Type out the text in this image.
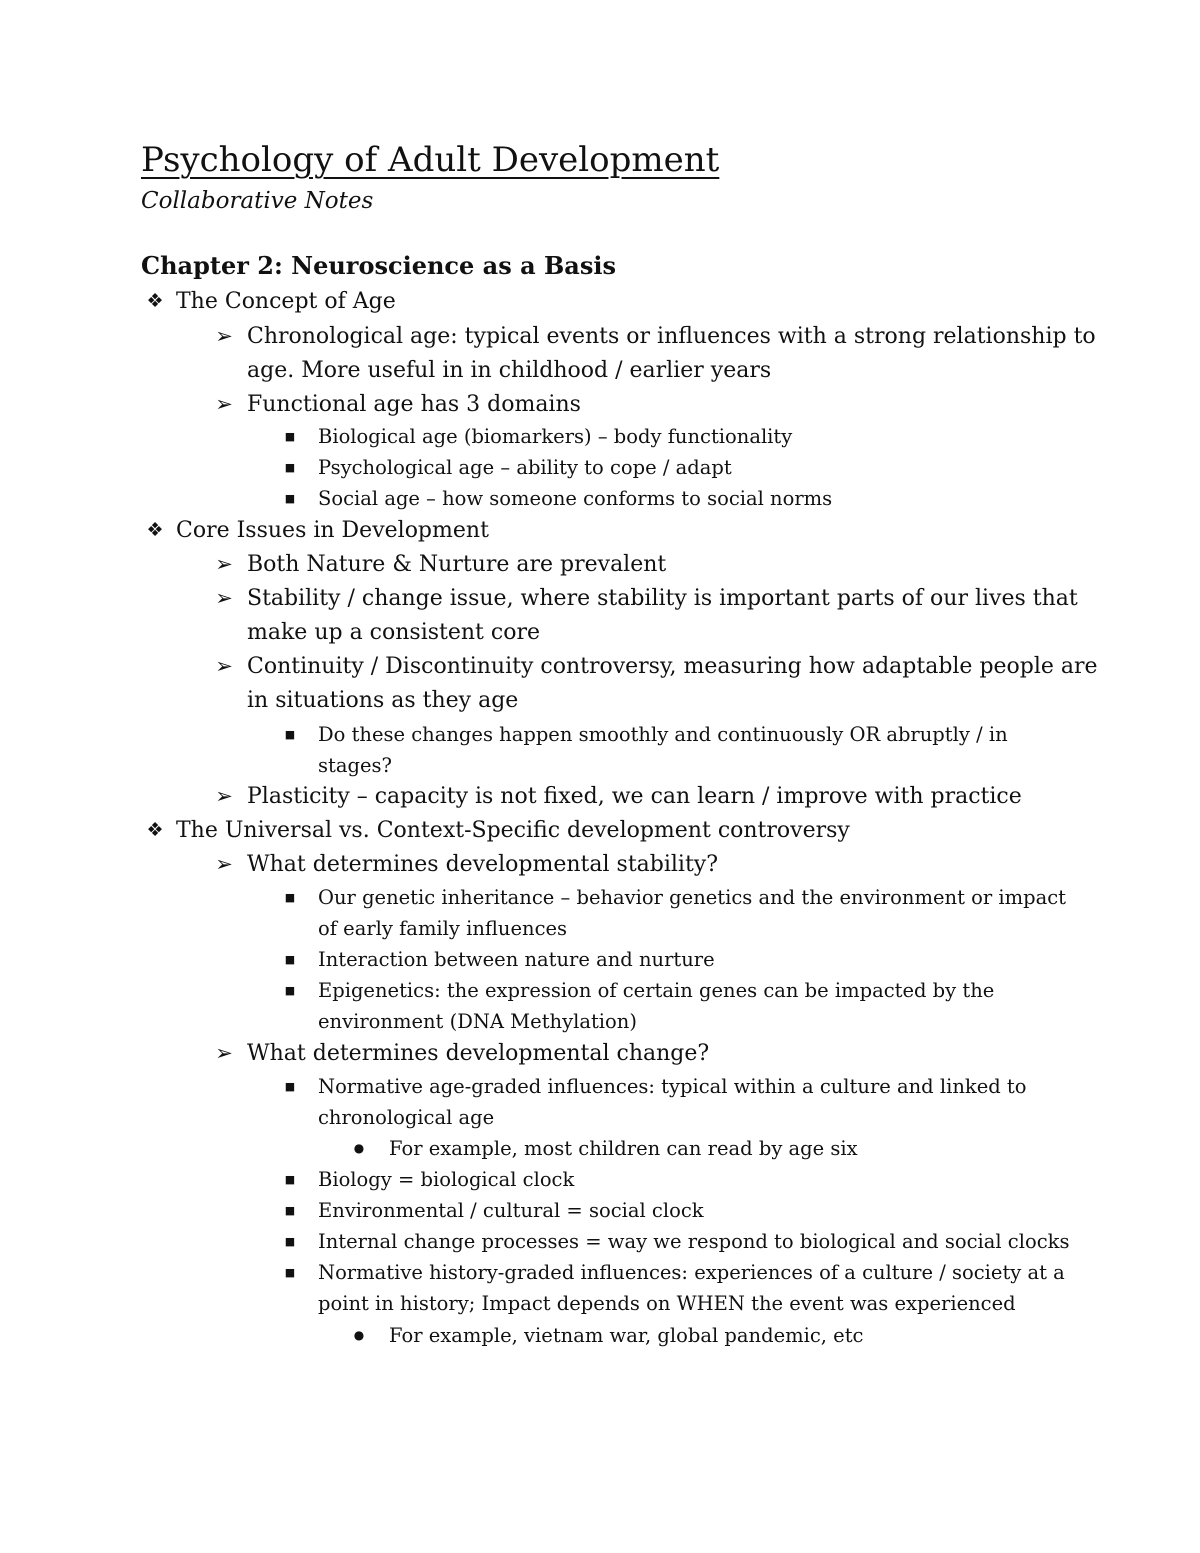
Psychology of Adult Development
Collaborative Notes
Chapter 2: Neuroscience as a Basis
❖ The Concept of Age
➢ Chronological age: typical events or influences with a strong relationship to
age. More useful in in childhood / earlier years
➢ Functional age has 3 domains
■ Biological age (biomarkers) – body functionality
■ Psychological age – ability to cope / adapt
■ Social age – how someone conforms to social norms
❖ Core Issues in Development
➢ Both Nature & Nurture are prevalent
➢ Stability / change issue, where stability is important parts of our lives that
make up a consistent core
➢ Continuity / Discontinuity controversy, measuring how adaptable people are
in situations as they age
■ Do these changes happen smoothly and continuously OR abruptly / in
stages?
➢ Plasticity – capacity is not fixed, we can learn / improve with practice
❖ The Universal vs. Context-Specific development controversy
➢ What determines developmental stability?
■ Our genetic inheritance – behavior genetics and the environment or impact
of early family influences
■ Interaction between nature and nurture
■ Epigenetics: the expression of certain genes can be impacted by the
environment (DNA Methylation)
➢ What determines developmental change?
■ Normative age-graded influences: typical within a culture and linked to
chronological age
● For example, most children can read by age six
■ Biology = biological clock
■ Environmental / cultural = social clock
■ Internal change processes = way we respond to biological and social clocks
■ Normative history-graded influences: experiences of a culture / society at a
point in history; Impact depends on WHEN the event was experienced
● For example, vietnam war, global pandemic, etc
